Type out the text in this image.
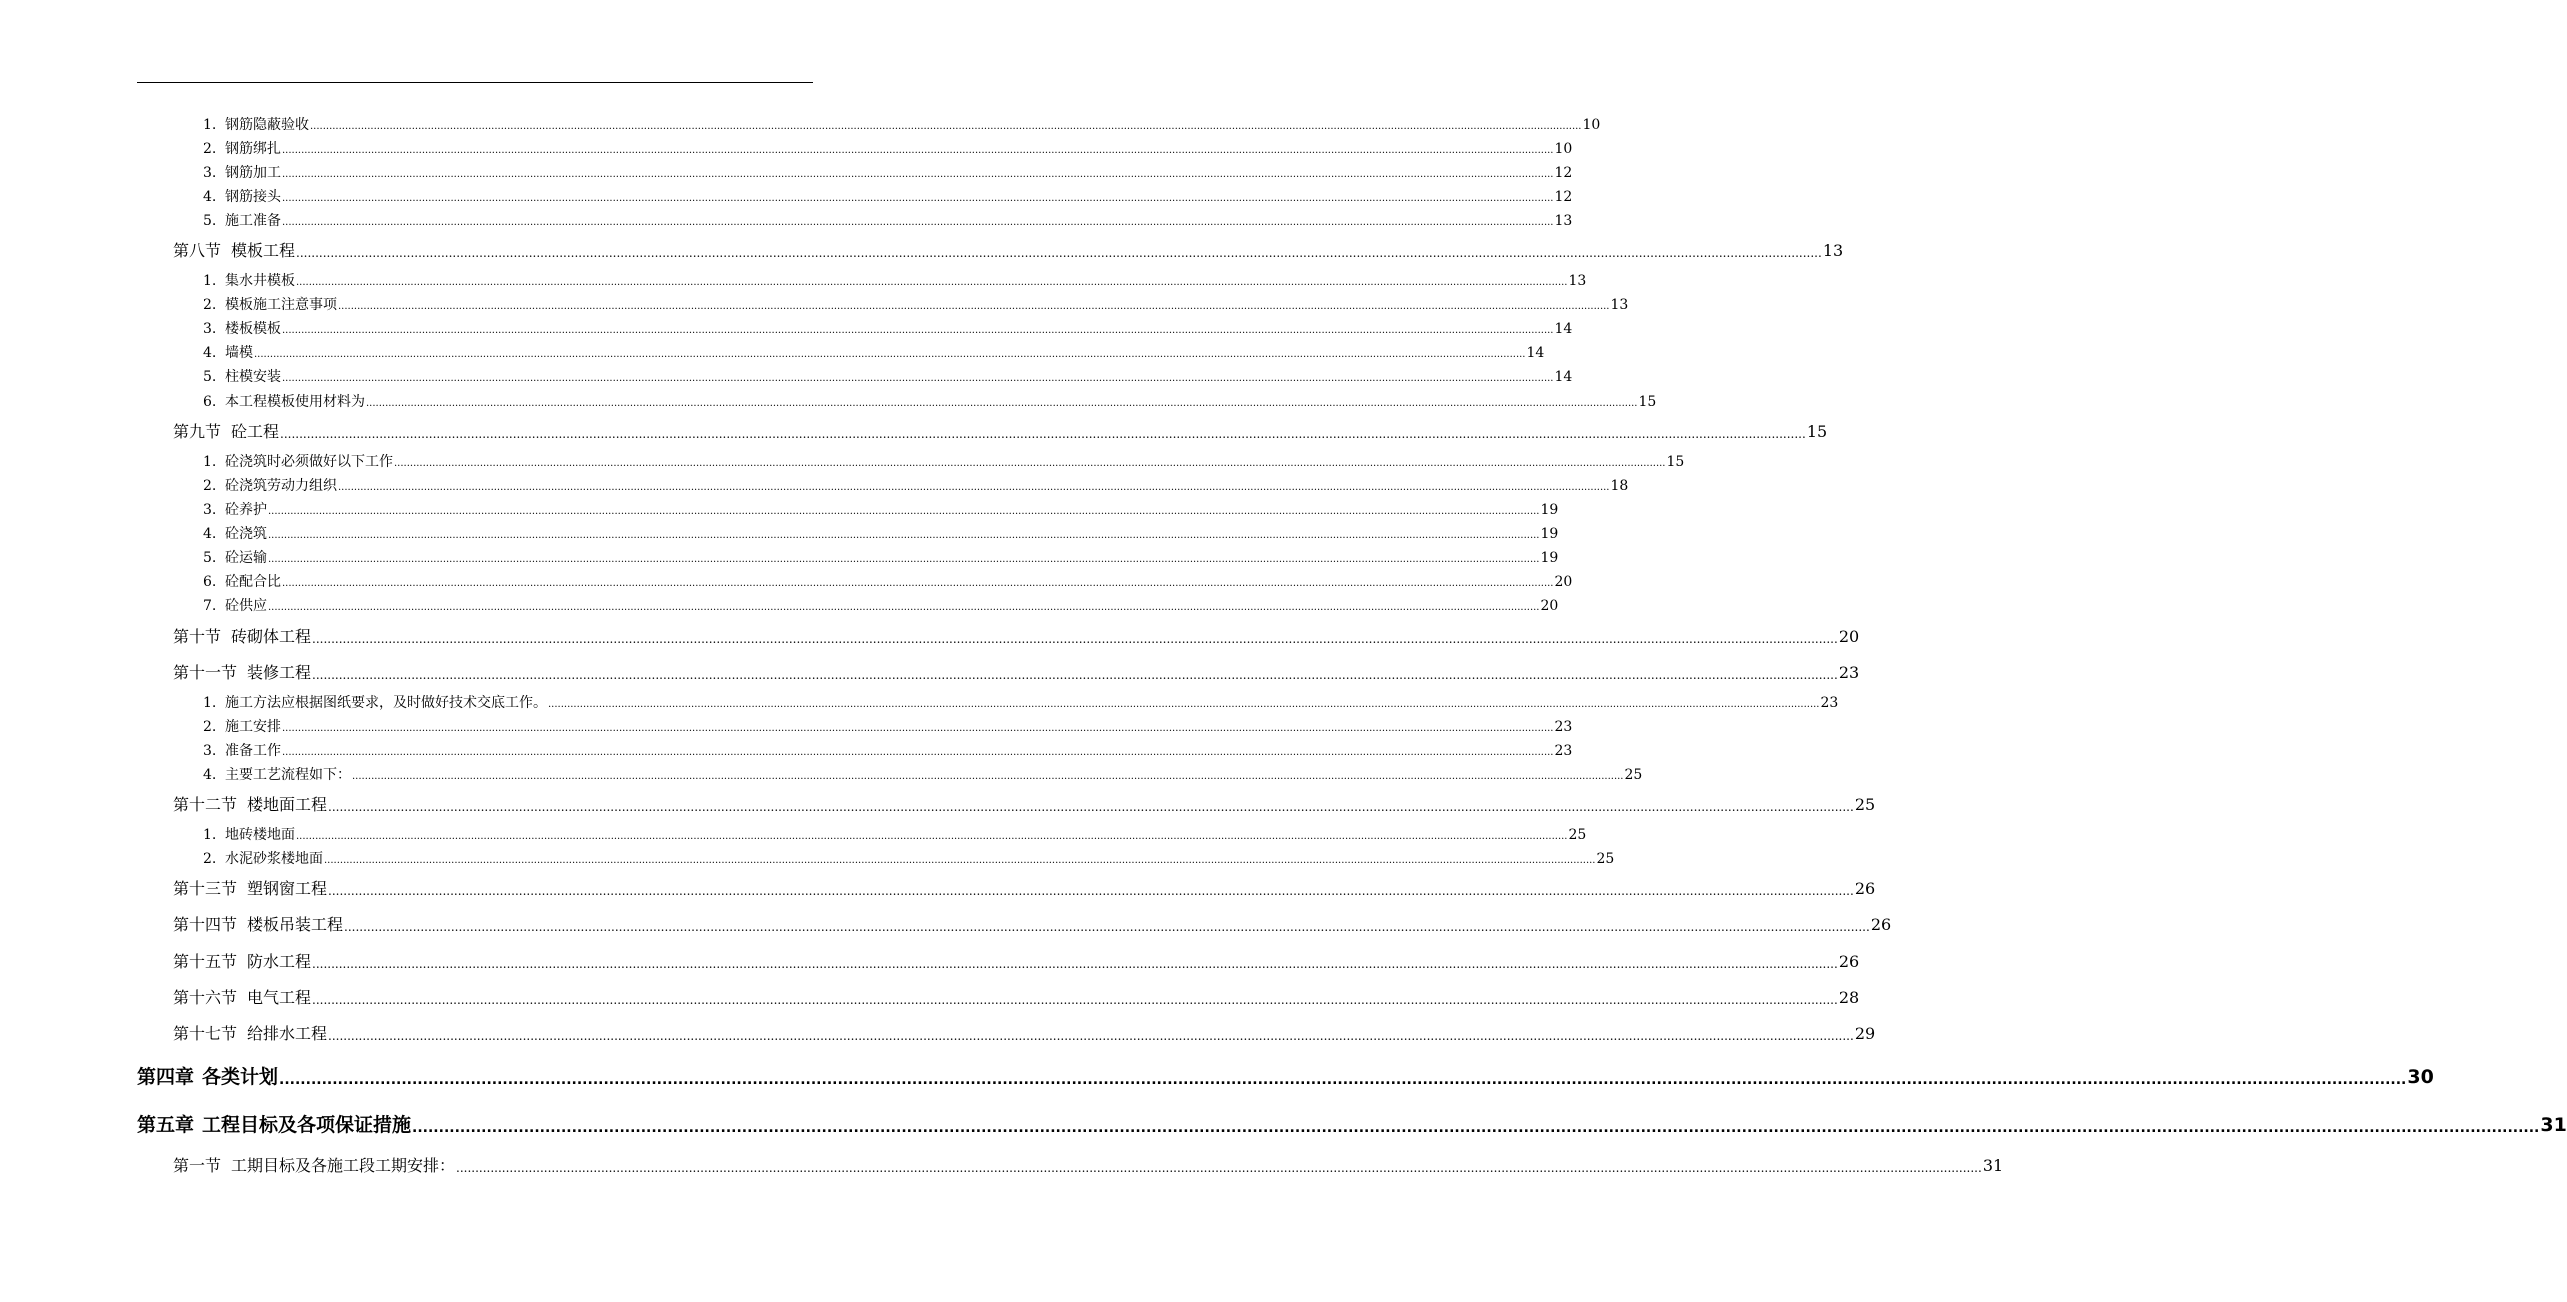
1. 钢筋隐蔽验收 ................................................................................................................................................................................................................................................................................................................................................................................................................ 10
2. 钢筋绑扎 ................................................................................................................................................................................................................................................................................................................................................................................................................ 10
3. 钢筋加工 ................................................................................................................................................................................................................................................................................................................................................................................................................ 12
4. 钢筋接头 ................................................................................................................................................................................................................................................................................................................................................................................................................ 12
5. 施工准备 ................................................................................................................................................................................................................................................................................................................................................................................................................ 13
第八节 模板工程 ................................................................................................................................................................................................................................................................................................................................................................................................................ 13
1. 集水井模板 ................................................................................................................................................................................................................................................................................................................................................................................................................ 13
2. 模板施工注意事项 ................................................................................................................................................................................................................................................................................................................................................................................................................ 13
3. 楼板模板 ................................................................................................................................................................................................................................................................................................................................................................................................................ 14
4. 墙模 ................................................................................................................................................................................................................................................................................................................................................................................................................ 14
5. 柱模安装 ................................................................................................................................................................................................................................................................................................................................................................................................................ 14
6. 本工程模板使用材料为 ................................................................................................................................................................................................................................................................................................................................................................................................................ 15
第九节 砼工程 ................................................................................................................................................................................................................................................................................................................................................................................................................ 15
1. 砼浇筑时必须做好以下工作 ................................................................................................................................................................................................................................................................................................................................................................................................................ 15
2. 砼浇筑劳动力组织 ................................................................................................................................................................................................................................................................................................................................................................................................................ 18
3. 砼养护 ................................................................................................................................................................................................................................................................................................................................................................................................................ 19
4. 砼浇筑 ................................................................................................................................................................................................................................................................................................................................................................................................................ 19
5. 砼运输 ................................................................................................................................................................................................................................................................................................................................................................................................................ 19
6. 砼配合比 ................................................................................................................................................................................................................................................................................................................................................................................................................ 20
7. 砼供应 ................................................................................................................................................................................................................................................................................................................................................................................................................ 20
第十节 砖砌体工程 ................................................................................................................................................................................................................................................................................................................................................................................................................ 20
第十一节 装修工程 ................................................................................................................................................................................................................................................................................................................................................................................................................ 23
1. 施工方法应根据图纸要求，及时做好技术交底工作。 ................................................................................................................................................................................................................................................................................................................................................................................................................ 23
2. 施工安排 ................................................................................................................................................................................................................................................................................................................................................................................................................ 23
3. 准备工作 ................................................................................................................................................................................................................................................................................................................................................................................................................ 23
4. 主要工艺流程如下： ................................................................................................................................................................................................................................................................................................................................................................................................................ 25
第十二节 楼地面工程 ................................................................................................................................................................................................................................................................................................................................................................................................................ 25
1. 地砖楼地面 ................................................................................................................................................................................................................................................................................................................................................................................................................ 25
2. 水泥砂浆楼地面 ................................................................................................................................................................................................................................................................................................................................................................................................................ 25
第十三节 塑钢窗工程 ................................................................................................................................................................................................................................................................................................................................................................................................................ 26
第十四节 楼板吊装工程 ................................................................................................................................................................................................................................................................................................................................................................................................................ 26
第十五节 防水工程 ................................................................................................................................................................................................................................................................................................................................................................................................................ 26
第十六节 电气工程 ................................................................................................................................................................................................................................................................................................................................................................................................................ 28
第十七节 给排水工程 ................................................................................................................................................................................................................................................................................................................................................................................................................ 29
第四章 各类计划 ................................................................................................................................................................................................................................................................................................................................................................................................................ 30
第五章 工程目标及各项保证措施 ................................................................................................................................................................................................................................................................................................................................................................................................................ 31
第一节 工期目标及各施工段工期安排： ................................................................................................................................................................................................................................................................................................................................................................................................................ 31
